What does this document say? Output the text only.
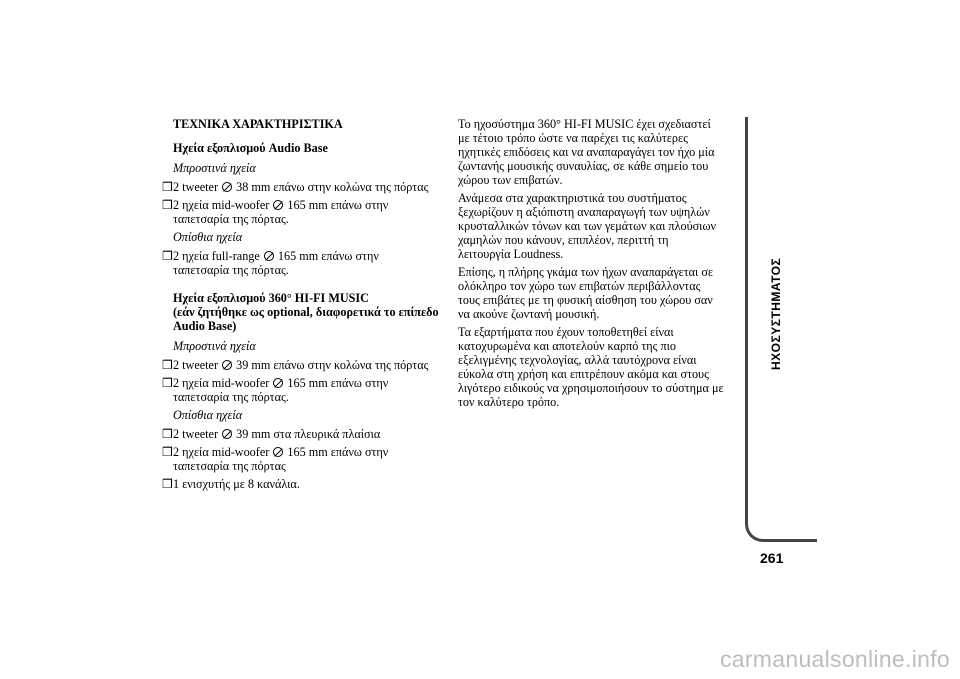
ΤΕΧΝΙΚΑ ΧΑΡΑΚΤΗΡΙΣΤΙΚΑ
Ηχεία εξοπλισμού Audio Base
Μπροστινά ηχεία
❒ 2 tweeter 38 mm επάνω στην κολώνα της πόρτας
❒ 2 ηχεία mid-woofer 165 mm επάνω στην
ταπετσαρία της πόρτας.
Οπίσθια ηχεία
❒ 2 ηχεία full-range 165 mm επάνω στην
ταπετσαρία της πόρτας.
Ηχεία εξοπλισμού 360° HI-FI MUSIC
(εάν ζητήθηκε ως optional, διαφορετικά το επίπεδο
Audio Base)
Μπροστινά ηχεία
❒ 2 tweeter 39 mm επάνω στην κολώνα της πόρτας
❒ 2 ηχεία mid-woofer 165 mm επάνω στην
ταπετσαρία της πόρτας.
Οπίσθια ηχεία
❒ 2 tweeter 39 mm στα πλευρικά πλαίσια
❒ 2 ηχεία mid-woofer 165 mm επάνω στην
ταπετσαρία της πόρτας
❒ 1 ενισχυτής με 8 κανάλια.
Το ηχοσύστημα 360° HI-FI MUSIC έχει σχεδιαστεί
με τέτοιο τρόπο ώστε να παρέχει τις καλύτερες
ηχητικές επιδόσεις και να αναπαραγάγει τον ήχο μία
ζωντανής μουσικής συναυλίας, σε κάθε σημείο του
χώρου των επιβατών.
Ανάμεσα στα χαρακτηριστικά του συστήματος
ξεχωρίζουν η αξιόπιστη αναπαραγωγή των υψηλών
κρυσταλλικών τόνων και των γεμάτων και πλούσιων
χαμηλών που κάνουν, επιπλέον, περιττή τη
λειτουργία Loudness.
Επίσης, η πλήρης γκάμα των ήχων αναπαράγεται σε
ολόκληρο τον χώρο των επιβατών περιβάλλοντας
τους επιβάτες με τη φυσική αίσθηση του χώρου σαν
να ακούνε ζωντανή μουσική.
Τα εξαρτήματα που έχουν τοποθετηθεί είναι
κατοχυρωμένα και αποτελούν καρπό της πιο
εξελιγμένης τεχνολογίας, αλλά ταυτόχρονα είναι
εύκολα στη χρήση και επιτρέπουν ακόμα και στους
λιγότερο ειδικούς να χρησιμοποιήσουν το σύστημα με
τον καλύτερο τρόπο.
ΗΧΟΣΥΣΤΗΜΑΤΟΣ
261
carmanualsonline.info
